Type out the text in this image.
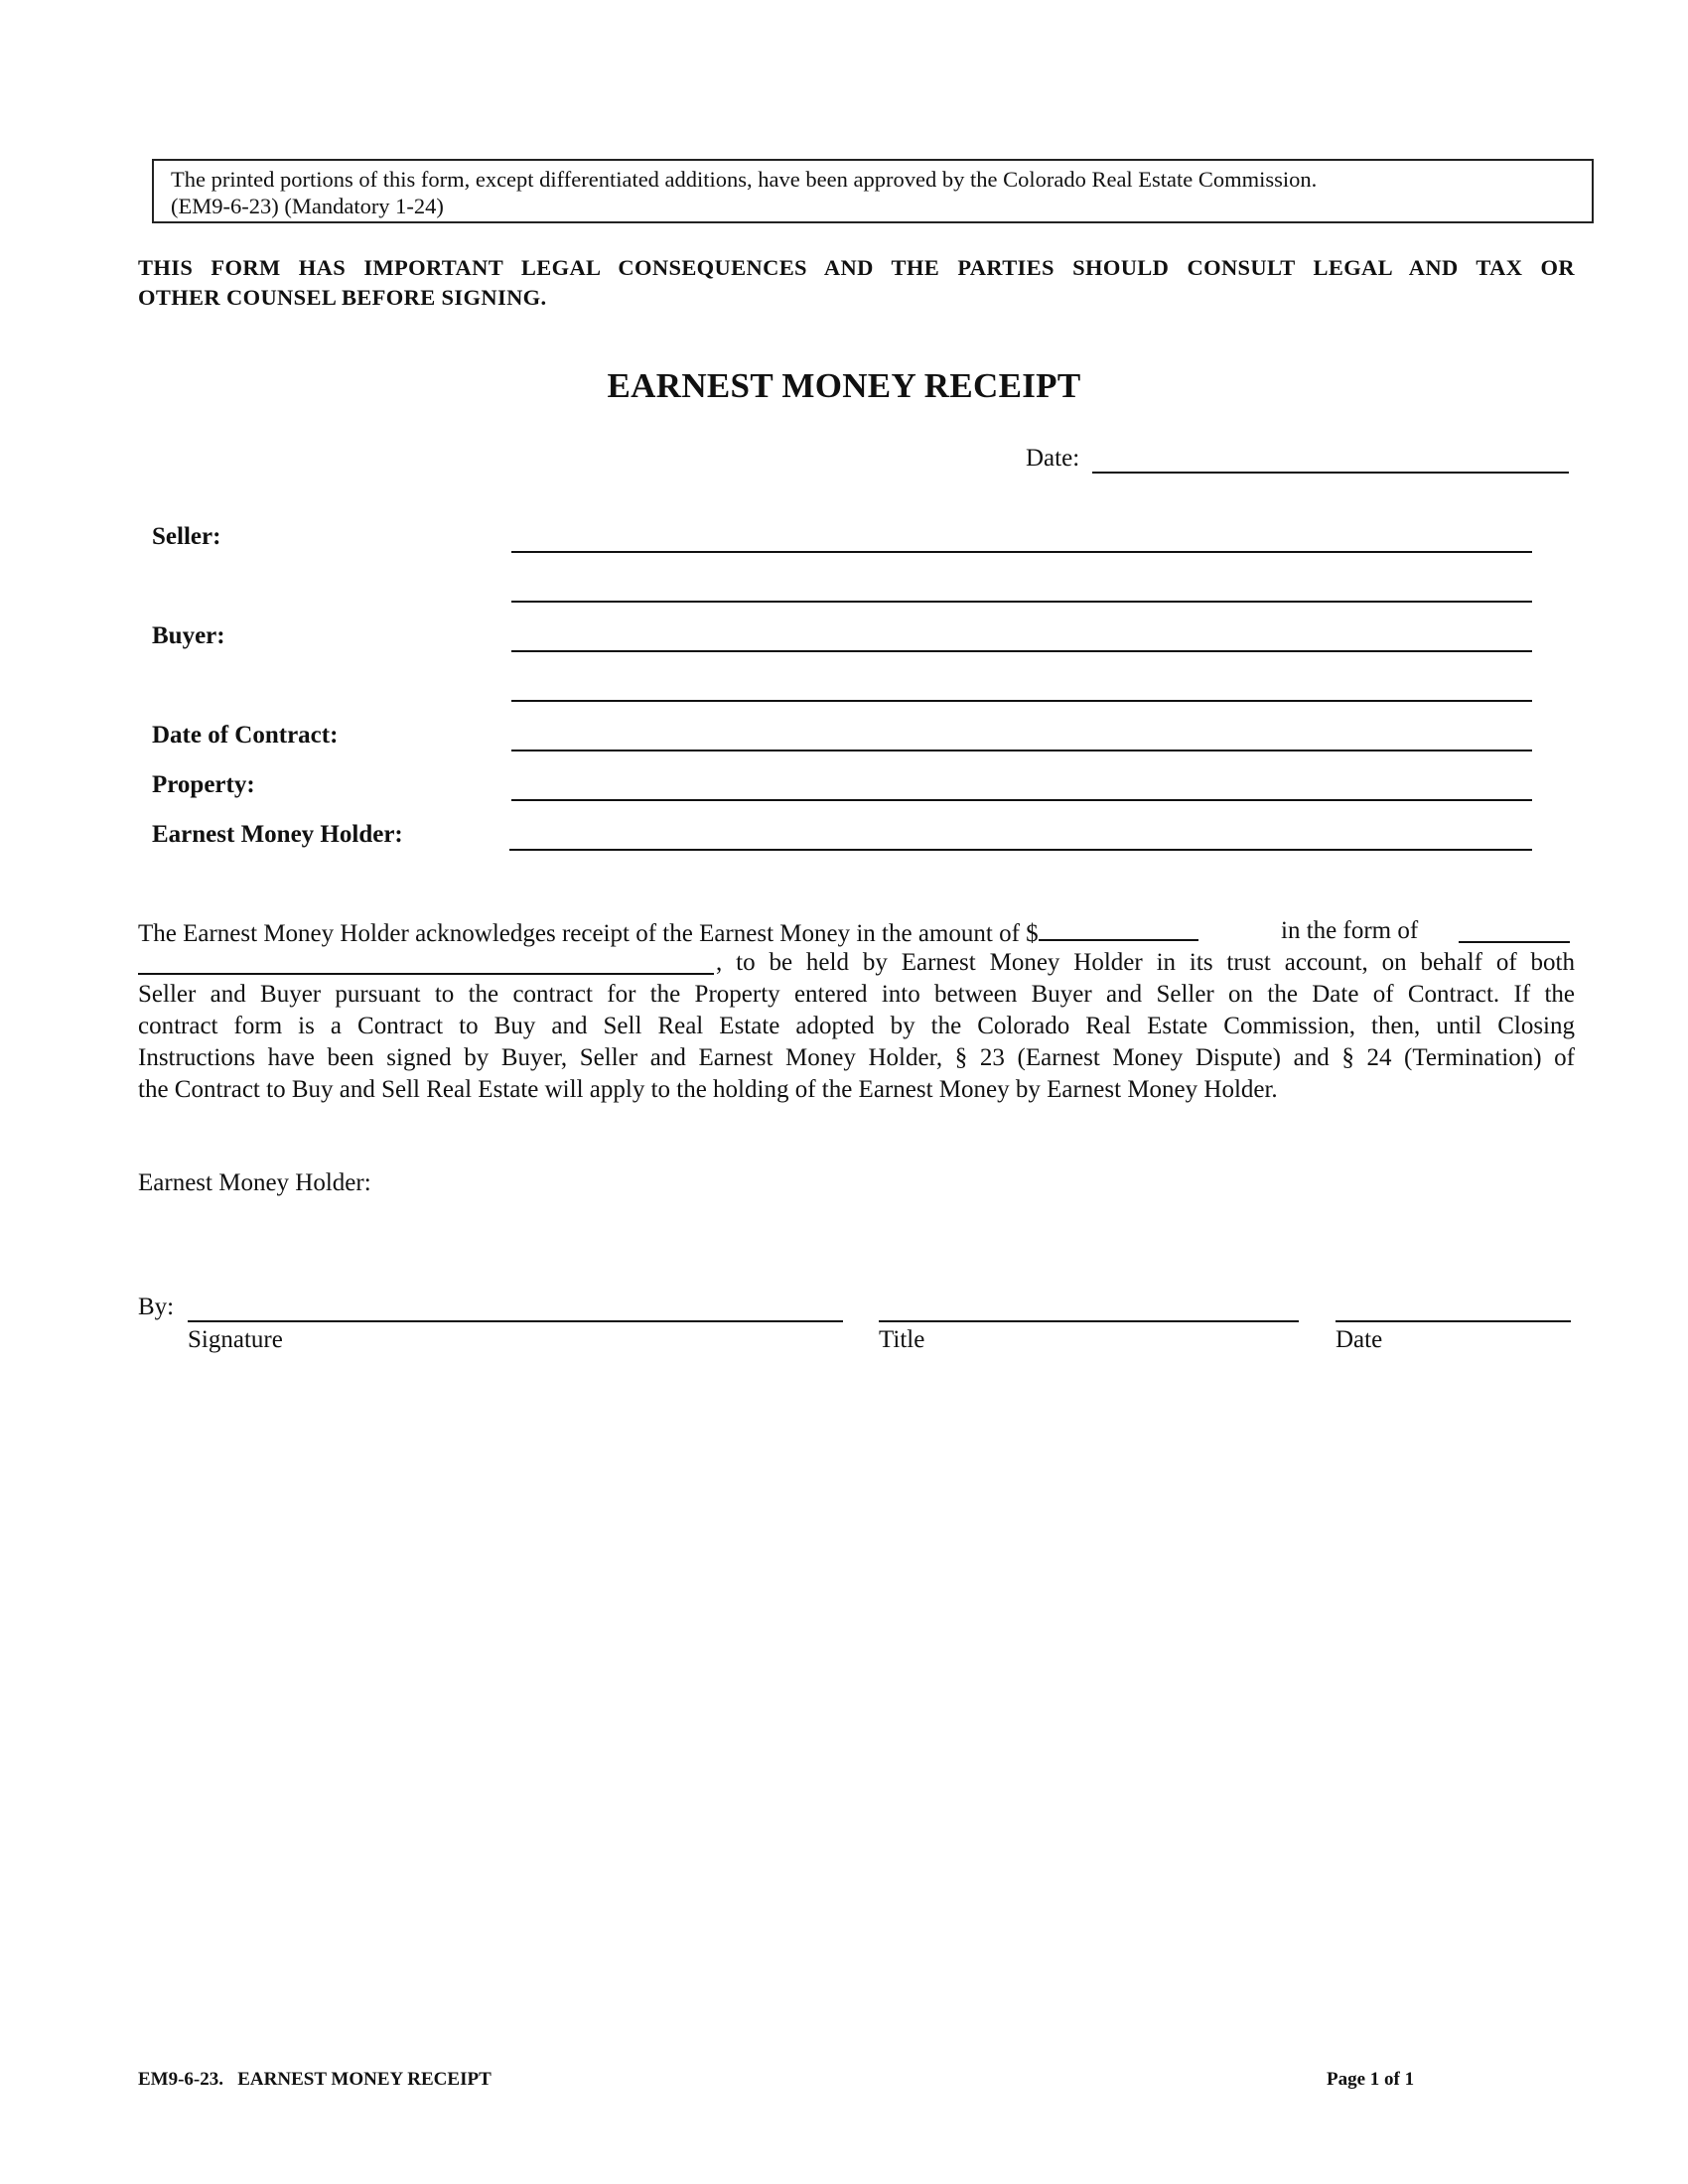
The printed portions of this form, except differentiated additions, have been approved by the Colorado Real Estate Commission.
(EM9-6-23) (Mandatory 1-24)
THIS FORM HAS IMPORTANT LEGAL CONSEQUENCES AND THE PARTIES SHOULD CONSULT LEGAL AND TAX OR
OTHER COUNSEL BEFORE SIGNING.
EARNEST MONEY RECEIPT
Date:
Seller:
Buyer:
Date of Contract:
Property:
Earnest Money Holder:
The Earnest Money Holder acknowledges receipt of the Earnest Money in the amount of $	in the form of
, to be held by Earnest Money Holder in its trust account, on behalf of both
Seller and Buyer pursuant to the contract for the Property entered into between Buyer and Seller on the Date of Contract. If the
contract form is a Contract to Buy and Sell Real Estate adopted by the Colorado Real Estate Commission, then, until Closing
Instructions have been signed by Buyer, Seller and Earnest Money Holder, § 23 (Earnest Money Dispute) and § 24 (Termination) of
the Contract to Buy and Sell Real Estate will apply to the holding of the Earnest Money by Earnest Money Holder.
Earnest Money Holder:
By:
Signature	Title	Date
EM9-6-23.   EARNEST MONEY RECEIPT	Page 1 of 1
